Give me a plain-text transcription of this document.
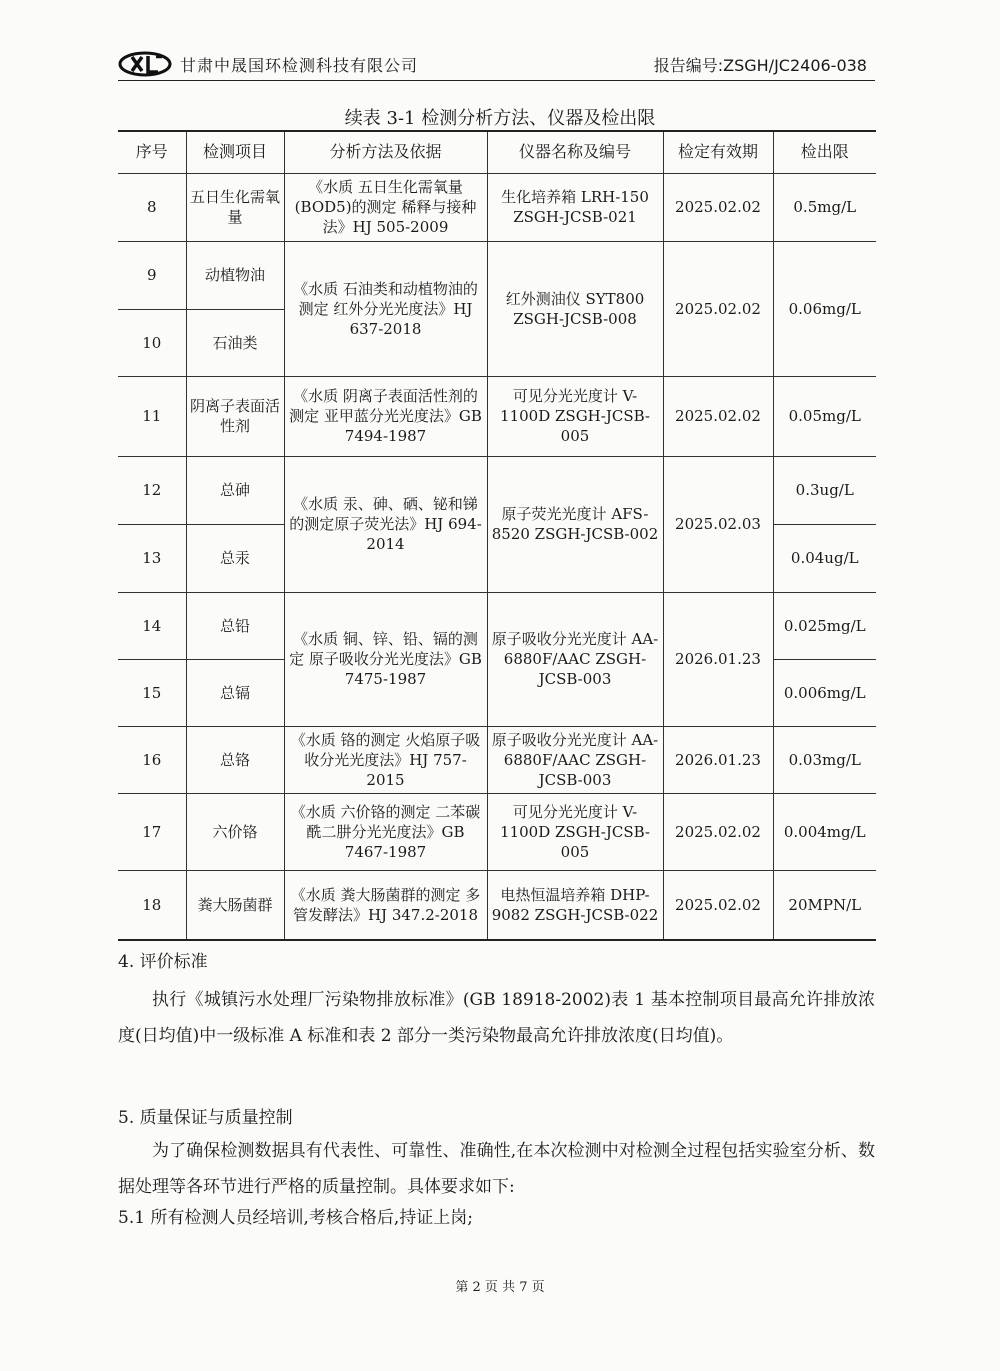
甘肃中晟国环检测科技有限公司	报告编号:ZSGH/JC2406-038
续表 3-1 检测分析方法、仪器及检出限
序号	检测项目	分析方法及依据	仪器名称及编号	检定有效期	检出限
8	五日生化需氧量	《水质 五日生化需氧量(BOD5)的测定 稀释与接种法》HJ 505-2009	生化培养箱 LRH-150 ZSGH-JCSB-021	2025.02.02	0.5mg/L
9	动植物油	《水质 石油类和动植物油的测定 红外分光光度法》HJ 637-2018	红外测油仪 SYT800 ZSGH-JCSB-008	2025.02.02	0.06mg/L
10	石油类				
11	阴离子表面活性剂	《水质 阴离子表面活性剂的测定 亚甲蓝分光光度法》GB 7494-1987	可见分光光度计 V-1100D ZSGH-JCSB-005	2025.02.02	0.05mg/L
12	总砷	《水质 汞、砷、硒、铋和锑的测定原子荧光法》HJ 694-2014	原子荧光光度计 AFS-8520 ZSGH-JCSB-002	2025.02.03	0.3ug/L
13	总汞				0.04ug/L
14	总铅	《水质 铜、锌、铅、镉的测定 原子吸收分光光度法》GB 7475-1987	原子吸收分光光度计 AA-6880F/AAC ZSGH-JCSB-003	2026.01.23	0.025mg/L
15	总镉				0.006mg/L
16	总铬	《水质 铬的测定 火焰原子吸收分光光度法》HJ 757-2015	原子吸收分光光度计 AA-6880F/AAC ZSGH-JCSB-003	2026.01.23	0.03mg/L
17	六价铬	《水质 六价铬的测定 二苯碳酰二肼分光光度法》GB 7467-1987	可见分光光度计 V-1100D ZSGH-JCSB-005	2025.02.02	0.004mg/L
18	粪大肠菌群	《水质 粪大肠菌群的测定 多管发酵法》HJ 347.2-2018	电热恒温培养箱 DHP-9082 ZSGH-JCSB-022	2025.02.02	20MPN/L
4. 评价标准
执行《城镇污水处理厂污染物排放标准》(GB 18918-2002)表 1 基本控制项目最高允许排放浓度(日均值)中一级标准 A 标准和表 2 部分一类污染物最高允许排放浓度(日均值)。
5. 质量保证与质量控制
为了确保检测数据具有代表性、可靠性、准确性,在本次检测中对检测全过程包括实验室分析、数据处理等各环节进行严格的质量控制。具体要求如下:
5.1 所有检测人员经培训,考核合格后,持证上岗;
第 2 页 共 7 页
